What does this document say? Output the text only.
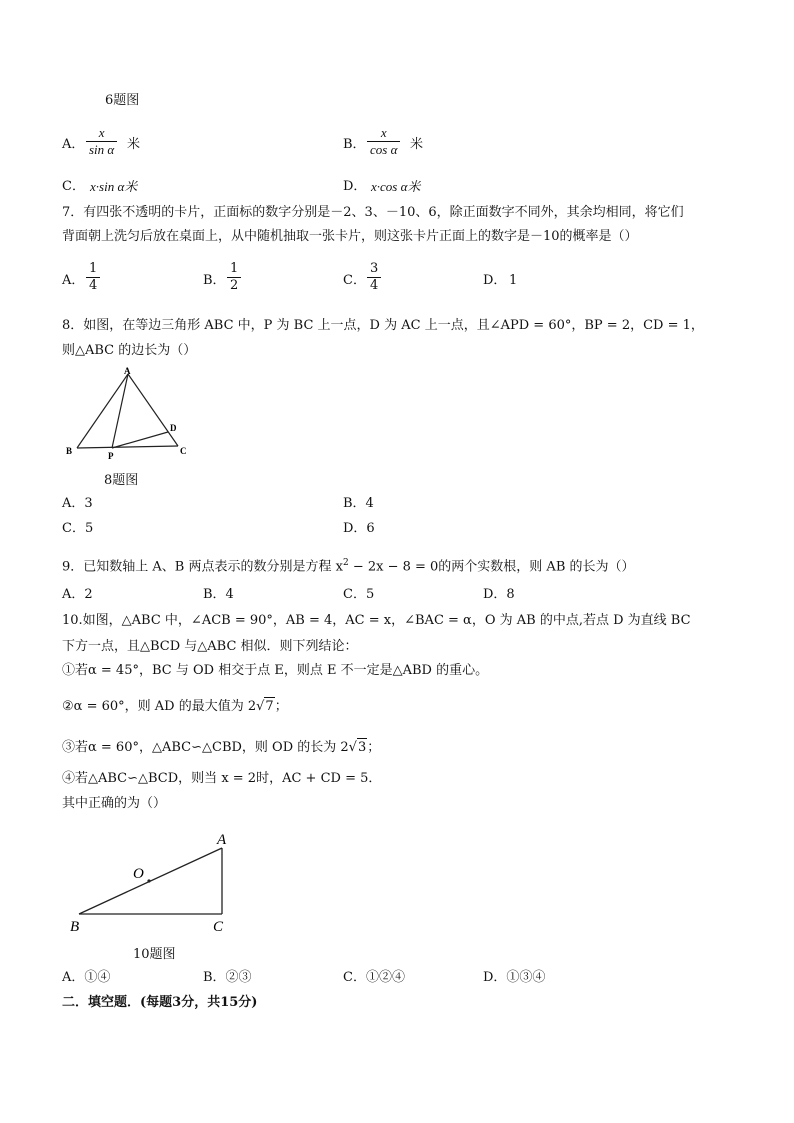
6题图
A．
x
sin α 米	B．
x
cos α 米
C． x·sin α米	D． x·cos α米
7．有四张不透明的卡片，正面标的数字分别是－2、3、－10、6，除正面数字不同外，其余均相同，将它们
背面朝上洗匀后放在桌面上，从中随机抽取一张卡片，则这张卡片正面上的数字是－10的概率是（）
A．
1
4	B．
1
2	C．
3
4	D． 1
8．如图，在等边三角形 ABC 中，P 为 BC 上一点，D 为 AC 上一点，且∠APD = 60°，BP = 2，CD = 1，
则△ABC 的边长为（）
A
B	C
D
P
8题图
A．3	B．4
C．5	D．6
9．已知数轴上 A、B 两点表示的数分别是方程 $x^2 - 2x - 8 = 0$的两个实数根，则 AB 的长为（）
A．2	B．4	C．5	D．8
10.如图，△ABC 中，∠ACB = 90°，AB = 4，AC = x，∠BAC = α，O 为 AB 的中点,若点 D 为直线 BC
下方一点，且△BCD 与△ABC 相似．则下列结论：
①若α = 45°，BC 与 OD 相交于点 E，则点 E 不一定是△ABD 的重心。
②α = 60°，则 AD 的最大值为 2√7；
③若α = 60°，△ABC∽△CBD，则 OD 的长为 2√3；
④若△ABC∽△BCD，则当 x = 2时，AC + CD = 5．
其中正确的为（）
A
B	C
O
10题图
A．①④	B．②③	C．①②④	D．①③④
二．填空题．(每题3分，共15分)
